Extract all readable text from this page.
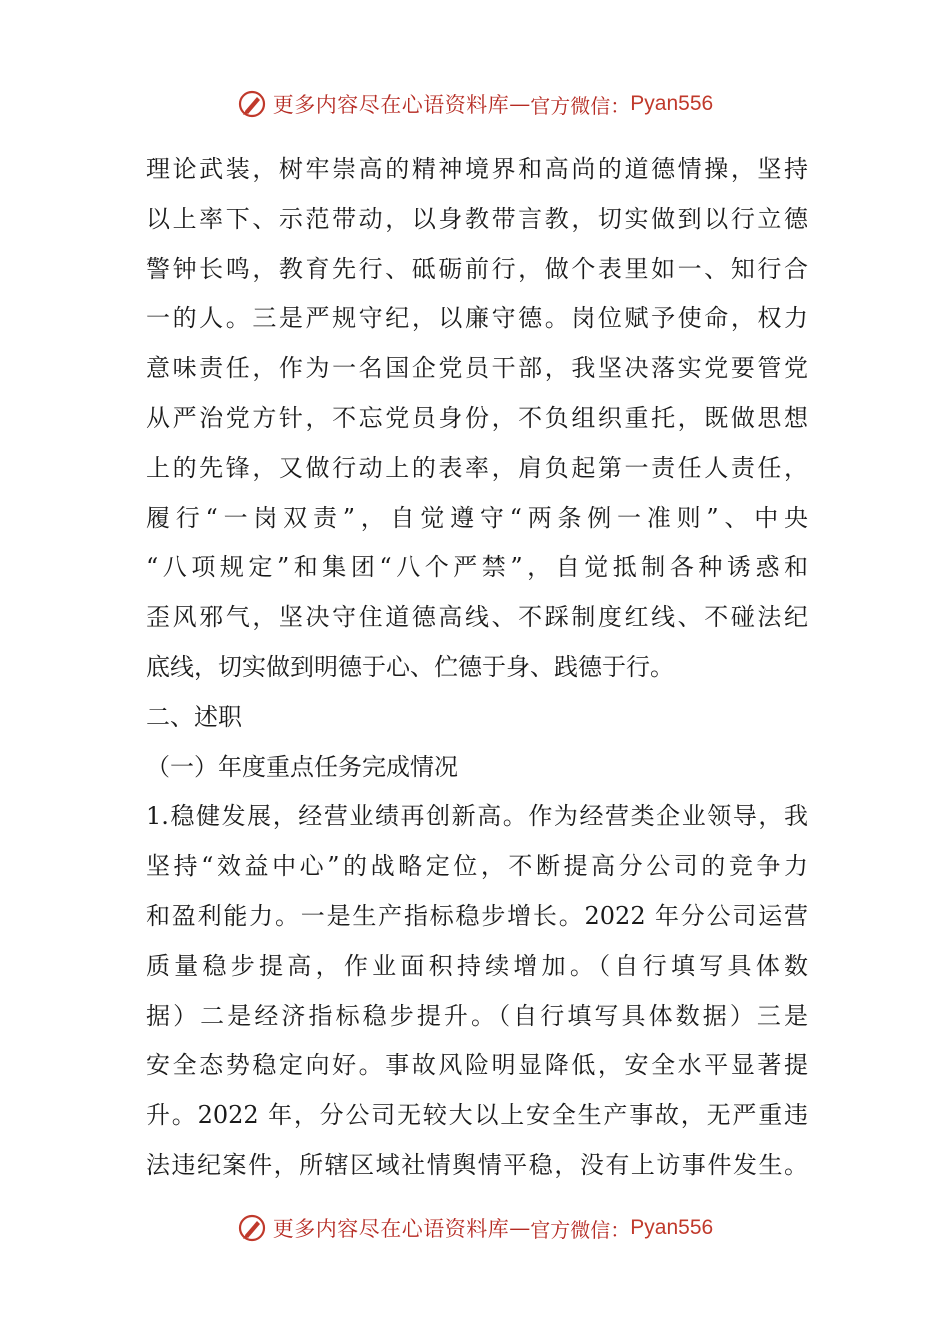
更多内容尽在心语资料库 — 官方微信： Pyan556
理论武装，树牢崇高的精神境界和高尚的道德情操，坚持
以上率下、示范带动，以身教带言教，切实做到以行立德
警钟长鸣，教育先行、砥砺前行，做个表里如一、知行合
一的人。三是严规守纪，以廉守德。岗位赋予使命，权力
意味责任，作为一名国企党员干部，我坚决落实党要管党
从严治党方针，不忘党员身份，不负组织重托，既做思想
上的先锋，又做行动上的表率，肩负起第一责任人责任，
履行“一岗双责”，自觉遵守“两条例一准则”、中央
“八项规定”和集团“八个严禁”，自觉抵制各种诱惑和
歪风邪气，坚决守住道德高线、不踩制度红线、不碰法纪
底线，切实做到明德于心、伫德于身、践德于行。
二、述职
（一）年度重点任务完成情况
1.稳健发展，经营业绩再创新高。作为经营类企业领导，我
坚持“效益中心”的战略定位，不断提高分公司的竞争力
和盈利能力。一是生产指标稳步增长。2022 年分公司运营
质量稳步提高，作业面积持续增加。（自行填写具体数
据）二是经济指标稳步提升。（自行填写具体数据）三是
安全态势稳定向好。事故风险明显降低，安全水平显著提
升。2022 年，分公司无较大以上安全生产事故，无严重违
法违纪案件，所辖区域社情舆情平稳，没有上访事件发生。
更多内容尽在心语资料库 — 官方微信： Pyan556
